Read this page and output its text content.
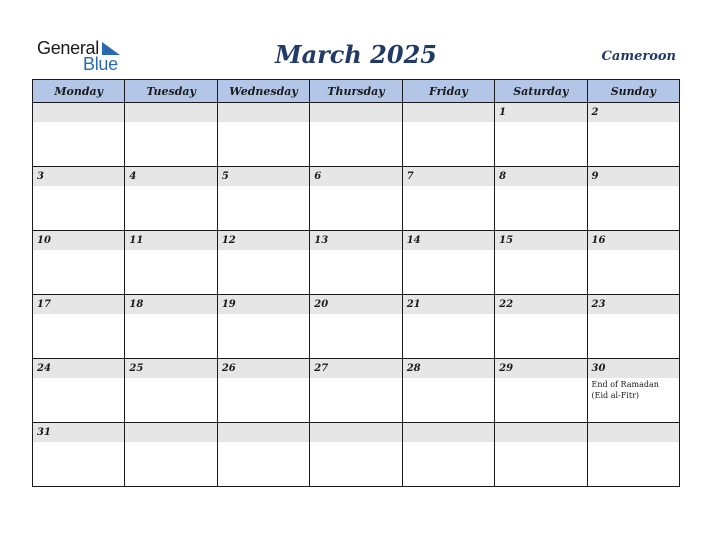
General
Blue	March 2025	Cameroon
Monday	Tuesday	Wednesday	Thursday	Friday	Saturday	Sunday

					1	2

3	4	5	6	7	8	9

10	11	12	13	14	15	16

17	18	19	20	21	22	23

24	25	26	27	28	29	30
End of Ramadan (Eid al-Fitr)

31						
